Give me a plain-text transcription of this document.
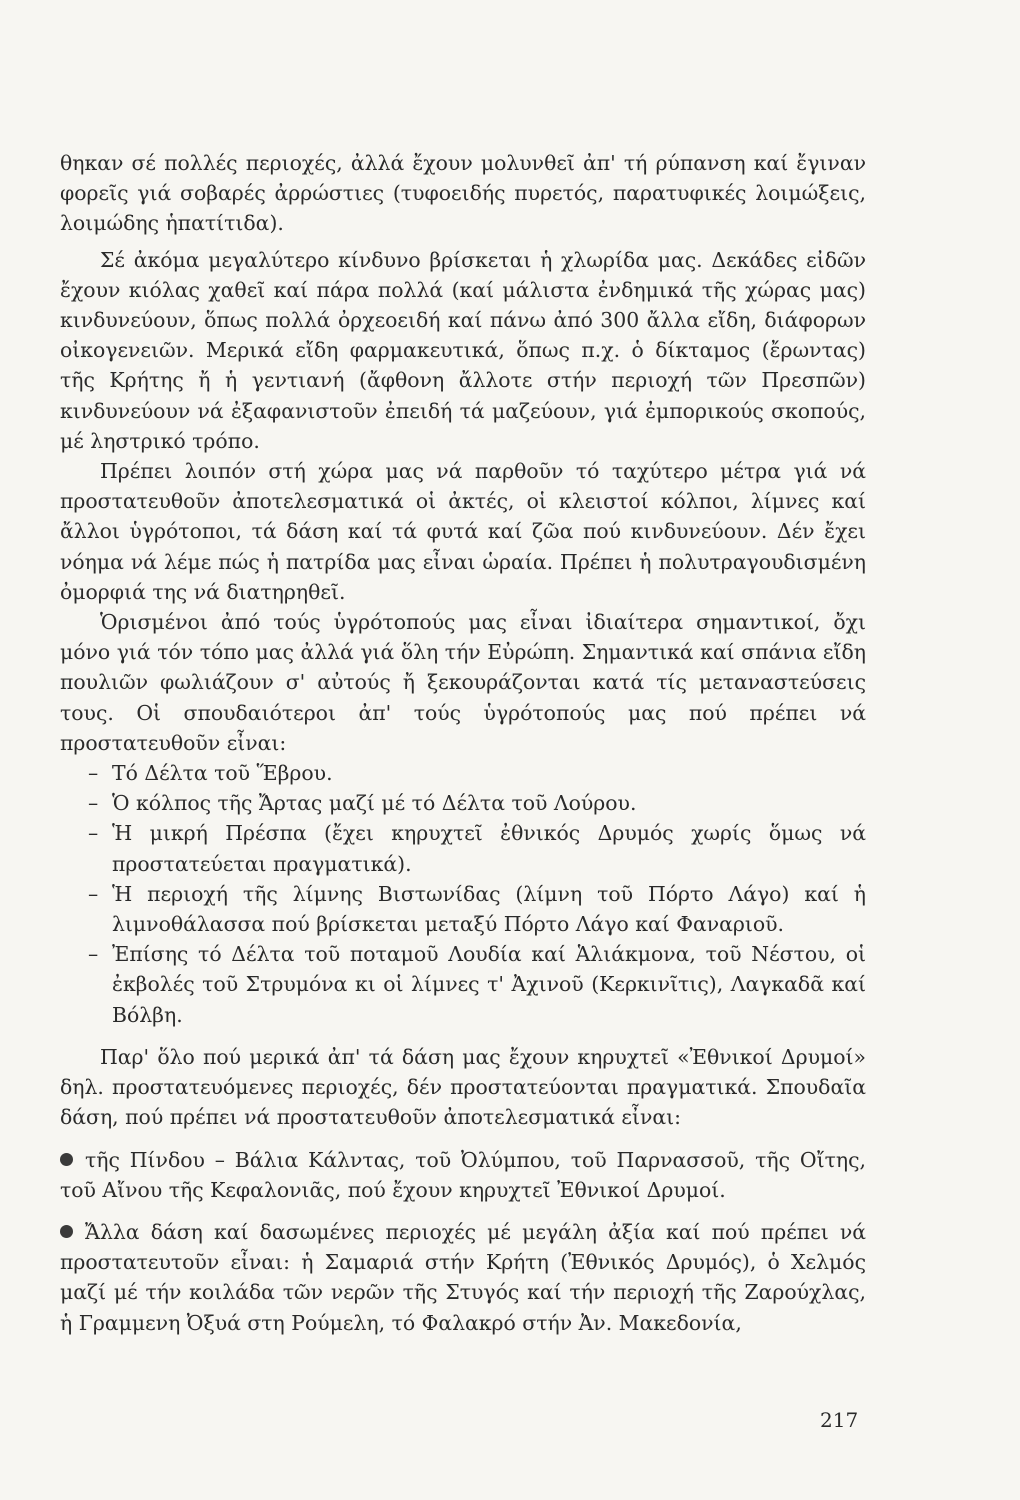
θηκαν σέ πολλές περιοχές, ἀλλά ἔχουν μολυνθεῖ ἀπ' τή ρύπανση καί ἔγιναν φορεῖς γιά σοβαρές ἀρρώστιες (τυφοειδής πυρετός, παρατυφικές λοιμώξεις, λοιμώδης ἡπατίτιδα).

Σέ ἀκόμα μεγαλύτερο κίνδυνο βρίσκεται ἡ χλωρίδα μας. Δεκάδες εἰδῶν ἔχουν κιόλας χαθεῖ καί πάρα πολλά (καί μάλιστα ἐνδημικά τῆς χώρας μας) κινδυνεύουν, ὅπως πολλά ὀρχεοειδή καί πάνω ἀπό 300 ἄλλα εἴδη, διάφορων οἰκογενειῶν. Μερικά εἴδη φαρμακευτικά, ὅπως π.χ. ὁ δίκταμος (ἔρωντας) τῆς Κρήτης ἤ ἡ γεντιανή (ἄφθονη ἄλλοτε στήν περιοχή τῶν Πρεσπῶν) κινδυνεύουν νά ἐξαφανιστοῦν ἐπειδή τά μαζεύουν, γιά ἐμπορικούς σκοπούς, μέ ληστρικό τρόπο.

Πρέπει λοιπόν στή χώρα μας νά παρθοῦν τό ταχύτερο μέτρα γιά νά προστατευθοῦν ἀποτελεσματικά οἱ ἀκτές, οἱ κλειστοί κόλποι, λίμνες καί ἄλλοι ὑγρότοποι, τά δάση καί τά φυτά καί ζῶα πού κινδυνεύουν. Δέν ἔχει νόημα νά λέμε πώς ἡ πατρίδα μας εἶναι ὡραία. Πρέπει ἡ πολυτραγουδισμένη ὀμορφιά της νά διατηρηθεῖ.

Ὁρισμένοι ἀπό τούς ὑγρότοπούς μας εἶναι ἰδιαίτερα σημαντικοί, ὄχι μόνο γιά τόν τόπο μας ἀλλά γιά ὅλη τήν Εὐρώπη. Σημαντικά καί σπάνια εἴδη πουλιῶν φωλιάζουν σ' αὐτούς ἤ ξεκουράζονται κατά τίς μεταναστεύσεις τους. Οἱ σπουδαιότεροι ἀπ' τούς ὑγρότοπούς μας πού πρέπει νά προστατευθοῦν εἶναι:

– Τό Δέλτα τοῦ Ἕβρου.
– Ὁ κόλπος τῆς Ἄρτας μαζί μέ τό Δέλτα τοῦ Λούρου.
– Ἡ μικρή Πρέσπα (ἔχει κηρυχτεῖ ἐθνικός Δρυμός χωρίς ὅμως νά προστατεύεται πραγματικά).
– Ἡ περιοχή τῆς λίμνης Βιστωνίδας (λίμνη τοῦ Πόρτο Λάγο) καί ἡ λιμνοθάλασσα πού βρίσκεται μεταξύ Πόρτο Λάγο καί Φαναριοῦ.
– Ἐπίσης τό Δέλτα τοῦ ποταμοῦ Λουδία καί Ἁλιάκμονα, τοῦ Νέστου, οἱ ἐκβολές τοῦ Στρυμόνα κι οἱ λίμνες τ' Ἀχινοῦ (Κερκινῖτις), Λαγκαδᾶ καί Βόλβη.

Παρ' ὅλο πού μερικά ἀπ' τά δάση μας ἔχουν κηρυχτεῖ «Ἐθνικοί Δρυμοί» δηλ. προστατευόμενες περιοχές, δέν προστατεύονται πραγματικά. Σπουδαῖα δάση, πού πρέπει νά προστατευθοῦν ἀποτελεσματικά εἶναι:

τῆς Πίνδου – Βάλια Κάλντας, τοῦ Ὀλύμπου, τοῦ Παρνασσοῦ, τῆς Οἴτης, τοῦ Αἴνου τῆς Κεφαλονιᾶς, πού ἔχουν κηρυχτεῖ Ἐθνικοί Δρυμοί.

Ἄλλα δάση καί δασωμένες περιοχές μέ μεγάλη ἀξία καί πού πρέπει νά προστατευτοῦν εἶναι: ἡ Σαμαριά στήν Κρήτη (Ἐθνικός Δρυμός), ὁ Χελμός μαζί μέ τήν κοιλάδα τῶν νερῶν τῆς Στυγός καί τήν περιοχή τῆς Ζαρούχλας, ἡ Γραμμενη Ὀξυά στη Ρούμελη, τό Φαλακρό στήν Ἀν. Μακεδονία,

217
